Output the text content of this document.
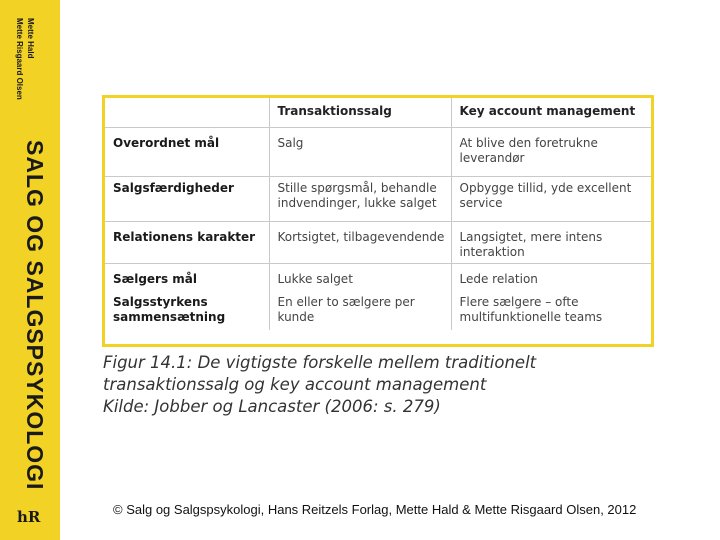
Mette Hald
Mette Risgaard Olsen
SALG OG SALGSPSYKOLOGI
hR
	Transaktionssalg	Key account management
Overordnet mål	Salg	At blive den foretrukne leverandør
Salgsfærdigheder	Stille spørgsmål, behandle indvendinger, lukke salget	Opbygge tillid, yde excellent service
Relationens karakter	Kortsigtet, tilbagevendende	Langsigtet, mere intens interaktion
Sælgers mål	Lukke salget	Lede relation
Salgsstyrkens sammensætning	En eller to sælgere per kunde	Flere sælgere – ofte multifunktionelle teams
Figur 14.1: De vigtigste forskelle mellem traditionelt transaktionssalg og key account management
Kilde: Jobber og Lancaster (2006: s. 279)
© Salg og Salgspsykologi, Hans Reitzels Forlag, Mette Hald & Mette Risgaard Olsen, 2012
